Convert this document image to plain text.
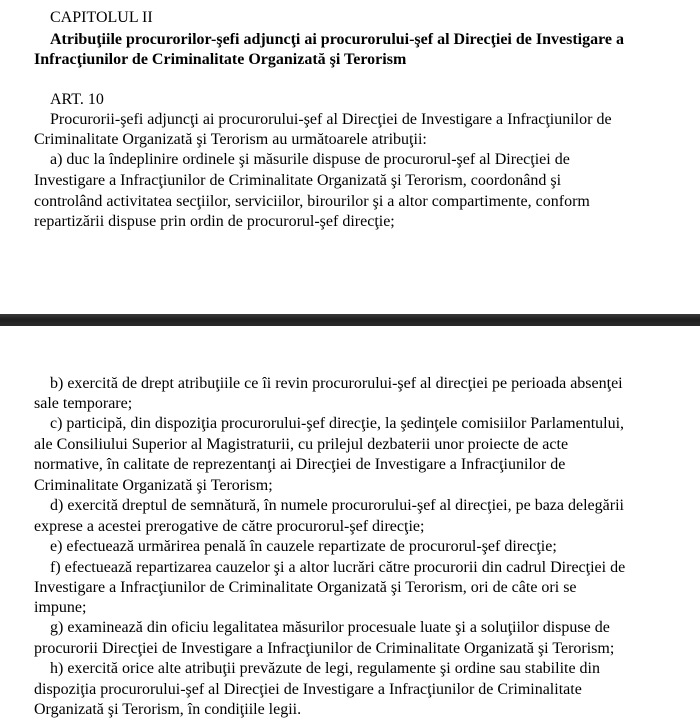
CAPITOLUL II
Atribuţiile procurorilor-şefi adjuncţi ai procurorului-şef al Direcţiei de Investigare a
Infracţiunilor de Criminalitate Organizată şi Terorism
ART. 10
Procurorii-şefi adjuncţi ai procurorului-şef al Direcţiei de Investigare a Infracţiunilor de
Criminalitate Organizată şi Terorism au următoarele atribuţii:
a) duc la îndeplinire ordinele şi măsurile dispuse de procurorul-şef al Direcţiei de
Investigare a Infracţiunilor de Criminalitate Organizată şi Terorism, coordonând şi
controlând activitatea secţiilor, serviciilor, birourilor şi a altor compartimente, conform
repartizării dispuse prin ordin de procurorul-şef direcţie;
b) exercită de drept atribuţiile ce îi revin procurorului-şef al direcţiei pe perioada absenţei
sale temporare;
c) participă, din dispoziţia procurorului-şef direcţie, la şedinţele comisiilor Parlamentului,
ale Consiliului Superior al Magistraturii, cu prilejul dezbaterii unor proiecte de acte
normative, în calitate de reprezentanţi ai Direcţiei de Investigare a Infracţiunilor de
Criminalitate Organizată şi Terorism;
d) exercită dreptul de semnătură, în numele procurorului-şef al direcţiei, pe baza delegării
exprese a acestei prerogative de către procurorul-şef direcţie;
e) efectuează urmărirea penală în cauzele repartizate de procurorul-şef direcţie;
f) efectuează repartizarea cauzelor şi a altor lucrări către procurorii din cadrul Direcţiei de
Investigare a Infracţiunilor de Criminalitate Organizată şi Terorism, ori de câte ori se
impune;
g) examinează din oficiu legalitatea măsurilor procesuale luate şi a soluţiilor dispuse de
procurorii Direcţiei de Investigare a Infracţiunilor de Criminalitate Organizată şi Terorism;
h) exercită orice alte atribuţii prevăzute de legi, regulamente şi ordine sau stabilite din
dispoziţia procurorului-şef al Direcţiei de Investigare a Infracţiunilor de Criminalitate
Organizată şi Terorism, în condiţiile legii.
